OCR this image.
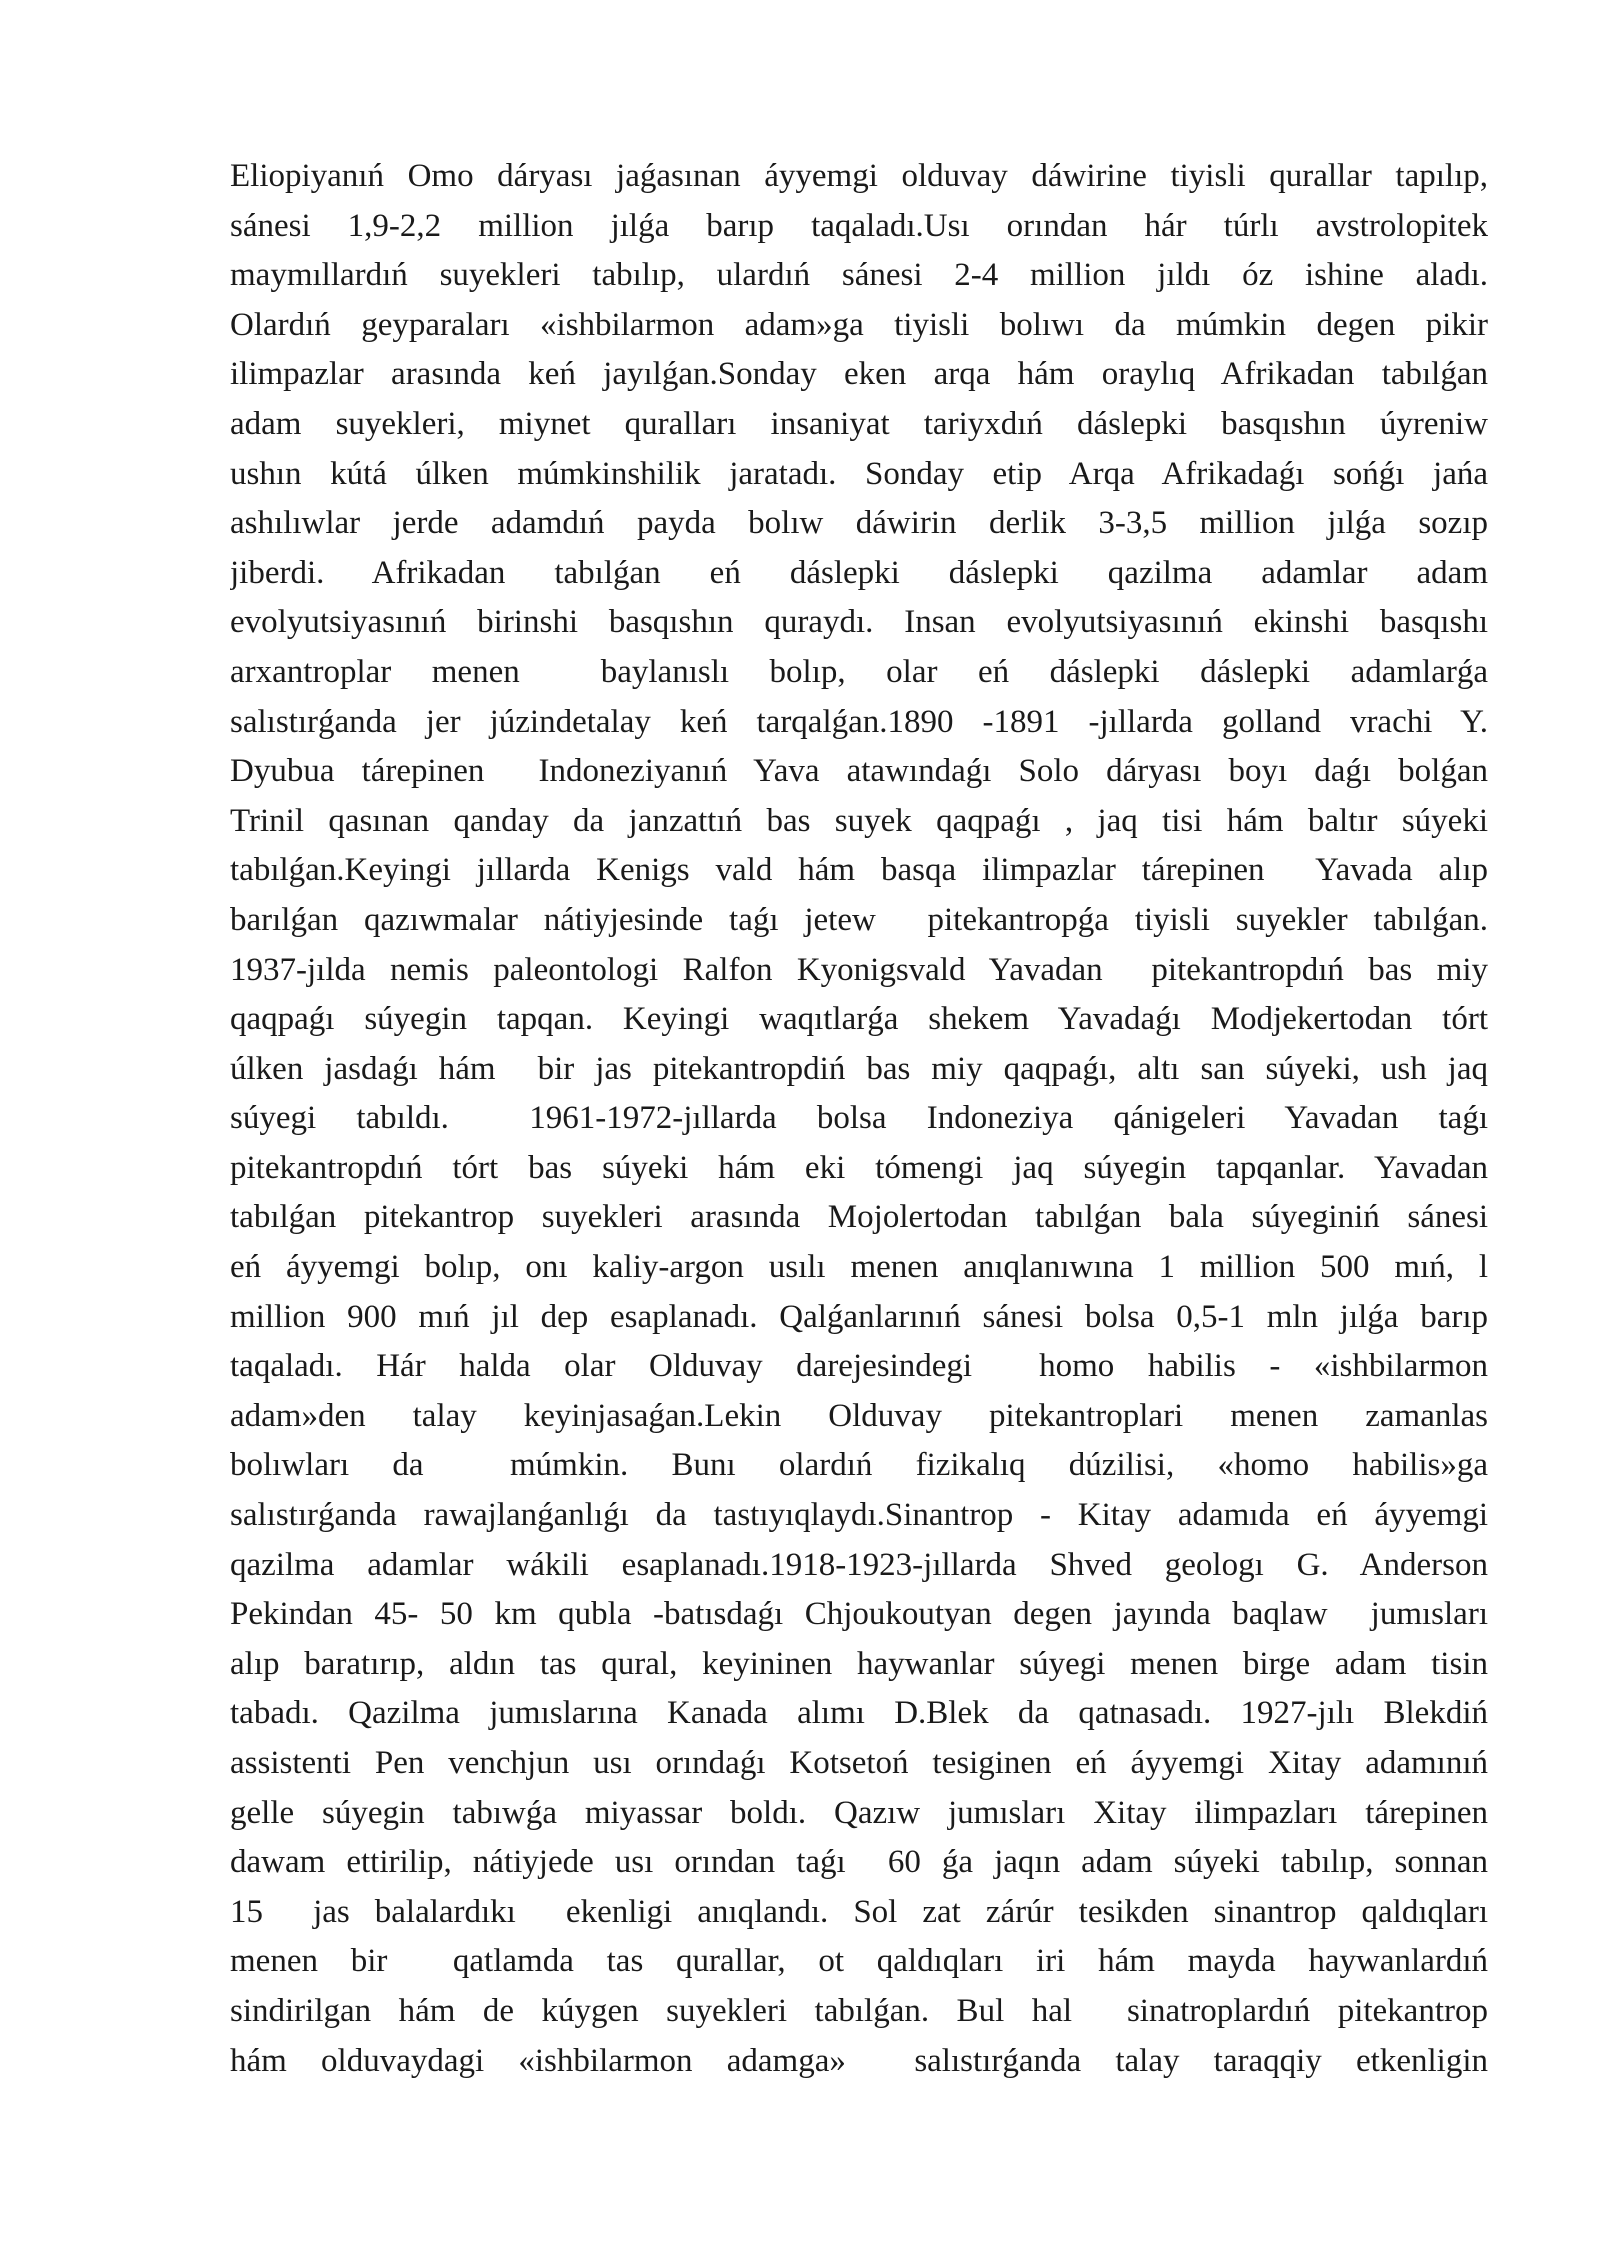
Eliopiyanıń Omo dáryası jaǵasınan áyyemgi olduvay dáwirine tiyisli qurallar tapılıp,
sánesi 1,9-2,2 million jılǵa barıp taqaladı.Usı orından hár túrlı avstrolopitek
maymıllardıń suyekleri tabılıp, ulardıń sánesi 2-4 million jıldı óz ishine aladı.
Olardıń geyparaları «ishbilarmon adam»ga tiyisli bolıwı da múmkin degen pikir
ilimpazlar arasında keń jayılǵan.Sonday eken arqa hám oraylıq Afrikadan tabılǵan
adam suyekleri, miynet quralları insaniyat tariyxdıń dáslepki basqıshın úyreniw
ushın kútá úlken múmkinshilik jaratadı. Sonday etip Arqa Afrikadaǵı sońǵı jańa
ashılıwlar jerde adamdıń payda bolıw dáwirin derlik 3-3,5 million jılǵa sozıp
jiberdi.  Afrikadan  tabılǵan  eń  dáslepki  dáslepki  qazilma  adamlar  adam
evolyutsiyasınıń birinshi basqıshın quraydı. Insan evolyutsiyasınıń ekinshi basqıshı
arxantroplar menen  baylanıslı bolıp, olar eń dáslepki dáslepki adamlarǵa
salıstırǵanda jer júzindetalay keń tarqalǵan.1890 -1891 -jıllarda golland vrachi Y.
Dyubua tárepinen  Indoneziyanıń Yava atawındaǵı Solo dáryası boyı daǵı bolǵan
Trinil qasınan qanday da janzattıń bas suyek qaqpaǵı , jaq tisi hám baltır súyeki
tabılǵan.Keyingi jıllarda Kenigs vald hám basqa ilimpazlar tárepinen  Yavada alıp
barılǵan qazıwmalar nátiyjesinde taǵı jetew  pitekantropǵa tiyisli suyekler tabılǵan.
1937-jılda nemis paleontologi Ralfon Kyonigsvald Yavadan  pitekantropdıń bas miy
qaqpaǵı súyegin tapqan. Keyingi waqıtlarǵa shekem Yavadaǵı Modjekertodan tórt
úlken jasdaǵı hám  bir jas pitekantropdiń bas miy qaqpaǵı, altı san súyeki, ush jaq
súyegi tabıldı.  1961-1972-jıllarda bolsa Indoneziya qánigeleri Yavadan taǵı
pitekantropdıń tórt bas súyeki hám eki tómengi jaq súyegin tapqanlar. Yavadan
tabılǵan pitekantrop suyekleri arasında Mojolertodan tabılǵan bala súyeginiń sánesi
eń áyyemgi bolıp, onı kaliy-argon usılı menen anıqlanıwına 1 million 500 mıń, l
million 900 mıń jıl dep esaplanadı. Qalǵanlarınıń sánesi bolsa 0,5-1 mln jılǵa barıp
taqaladı. Hár halda olar Olduvay darejesindegi  homo habilis - «ishbilarmon
adam»den talay keyinjasaǵan.Lekin Olduvay pitekantroplari menen zamanlas
bolıwları da  múmkin. Bunı olardıń fizikalıq dúzilisi, «homo habilis»ga
salıstırǵanda rawajlanǵanlıǵı da tastıyıqlaydı.Sinantrop - Kitay adamıda eń áyyemgi
qazilma adamlar wákili esaplanadı.1918-1923-jıllarda Shved geologı G. Anderson
Pekindan 45- 50 km qubla -batısdaǵı Chjoukoutyan degen jayında baqlaw  jumısları
alıp baratırıp, aldın tas qural, keyininen haywanlar súyegi menen birge adam tisin
tabadı. Qazilma jumıslarına Kanada alımı D.Blek da qatnasadı. 1927-jılı Blekdiń
assistenti Pen venchjun usı orındaǵı Kotsetoń tesiginen eń áyyemgi Xitay adamınıń
gelle súyegin tabıwǵa miyassar boldı. Qazıw jumısları Xitay ilimpazları tárepinen
dawam ettirilip, nátiyjede usı orından taǵı  60 ǵa jaqın adam súyeki tabılıp, sonnan
15  jas balalardıkı  ekenligi anıqlandı. Sol zat zárúr tesikden sinantrop qaldıqları
menen bir  qatlamda tas qurallar, ot qaldıqları iri hám mayda haywanlardıń
sindirilgan hám de kúygen suyekleri tabılǵan. Bul hal  sinatroplardıń pitekantrop
hám olduvaydagi «ishbilarmon adamga»  salıstırǵanda talay taraqqiy etkenligin
